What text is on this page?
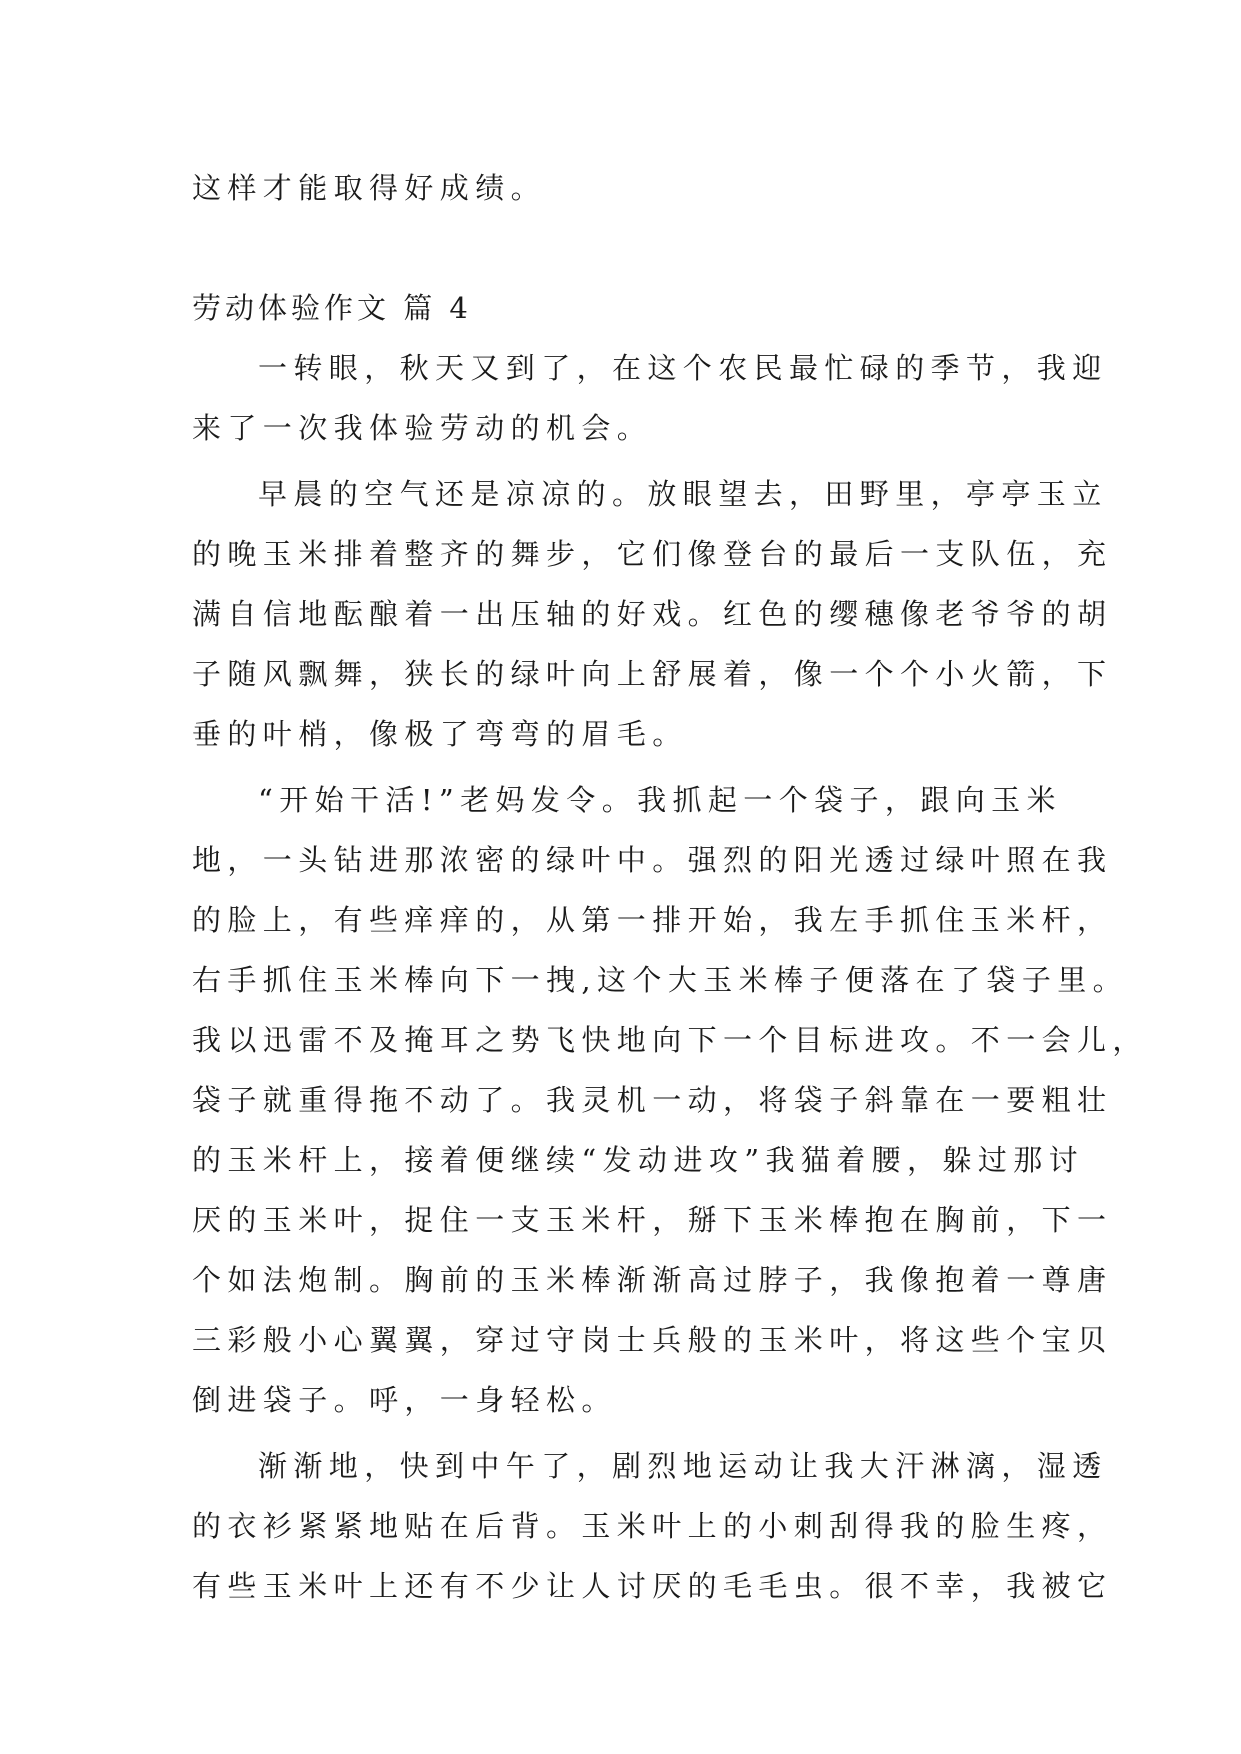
这样才能取得好成绩。
劳动体验作文 篇 4
一转眼，秋天又到了，在这个农民最忙碌的季节，我迎
来了一次我体验劳动的机会。
早晨的空气还是凉凉的。放眼望去，田野里，亭亭玉立
的晚玉米排着整齐的舞步，它们像登台的最后一支队伍，充
满自信地酝酿着一出压轴的好戏。红色的缨穗像老爷爷的胡
子随风飘舞，狭长的绿叶向上舒展着，像一个个小火箭，下
垂的叶梢，像极了弯弯的眉毛。
“开始干活!”老妈发令。我抓起一个袋子，跟向玉米
地，一头钻进那浓密的绿叶中。强烈的阳光透过绿叶照在我
的脸上，有些痒痒的，从第一排开始，我左手抓住玉米杆，
右手抓住玉米棒向下一拽,这个大玉米棒子便落在了袋子里。
我以迅雷不及掩耳之势飞快地向下一个目标进攻。不一会儿，
袋子就重得拖不动了。我灵机一动，将袋子斜靠在一要粗壮
的玉米杆上，接着便继续“发动进攻”我猫着腰，躲过那讨
厌的玉米叶，捉住一支玉米杆，掰下玉米棒抱在胸前，下一
个如法炮制。胸前的玉米棒渐渐高过脖子，我像抱着一尊唐
三彩般小心翼翼，穿过守岗士兵般的玉米叶，将这些个宝贝
倒进袋子。呼，一身轻松。
渐渐地，快到中午了，剧烈地运动让我大汗淋漓，湿透
的衣衫紧紧地贴在后背。玉米叶上的小刺刮得我的脸生疼，
有些玉米叶上还有不少让人讨厌的毛毛虫。很不幸，我被它
